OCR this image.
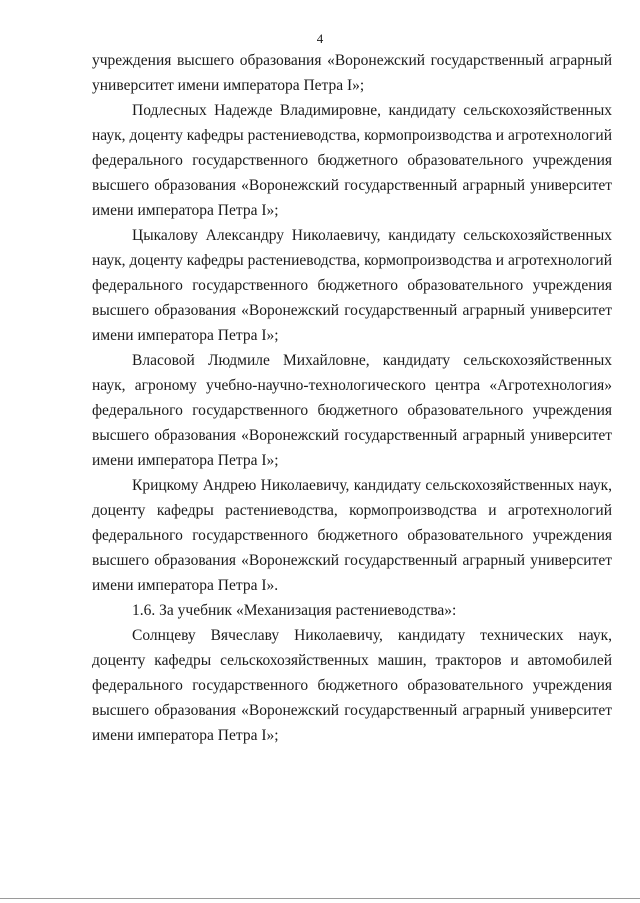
4

учреждения высшего образования «Воронежский государственный аграрный университет имени императора Петра I»;

Подлесных Надежде Владимировне, кандидату сельскохозяйственных наук, доценту кафедры растениеводства, кормопроизводства и агротехнологий федерального государственного бюджетного образовательного учреждения высшего образования «Воронежский государственный аграрный университет имени императора Петра I»;

Цыкалову Александру Николаевичу, кандидату сельскохозяйственных наук, доценту кафедры растениеводства, кормопроизводства и агротехнологий федерального государственного бюджетного образовательного учреждения высшего образования «Воронежский государственный аграрный университет имени императора Петра I»;

Власовой Людмиле Михайловне, кандидату сельскохозяйственных наук, агроному учебно-научно-технологического центра «Агротехнология» федерального государственного бюджетного образовательного учреждения высшего образования «Воронежский государственный аграрный университет имени императора Петра I»;

Крицкому Андрею Николаевичу, кандидату сельскохозяйственных наук, доценту кафедры растениеводства, кормопроизводства и агротехнологий федерального государственного бюджетного образовательного учреждения высшего образования «Воронежский государственный аграрный университет имени императора Петра I».

1.6. За учебник «Механизация растениеводства»:

Солнцеву Вячеславу Николаевичу, кандидату технических наук, доценту кафедры сельскохозяйственных машин, тракторов и автомобилей федерального государственного бюджетного образовательного учреждения высшего образования «Воронежский государственный аграрный университет имени императора Петра I»;
